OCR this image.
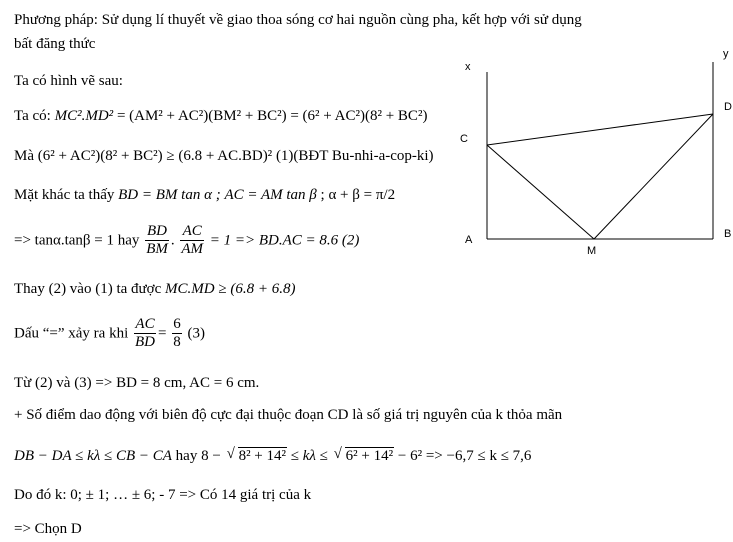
Phương pháp: Sử dụng lí thuyết về giao thoa sóng cơ hai nguồn cùng pha, kết hợp với sử dụng
bất đăng thức
Ta có hình vẽ sau:
Ta có: MC².MD² = (AM² + AC²)(BM² + BC²) = (6² + AC²)(8² + BC²)
Mà (6² + AC²)(8² + BC²) ≥ (6.8 + AC.BD)² (1)(BĐT Bu-nhi-a-cop-ki)
Mặt khác ta thấy BD = BM tan α ; AC = AM tan β ; α + β = π/2
=> tanα.tanβ = 1 hay $\frac{BD}{BM}$ . $\frac{AC}{AM} = 1 => BD.AC = 8.6$ (2)
Thay (2) vào (1) ta được MC.MD ≥ (6.8 + 6.8)
Dấu “=” xảy ra khi $\frac{AC}{BD} = \frac{6}{8} (3)$
Từ (2) và (3) => BD = 8 cm, AC = 6 cm.
+ Số điểm dao động với biên độ cực đại thuộc đoạn CD là số giá trị nguyên của k thỏa mãn
DB − DA ≤ kλ ≤ CB − CA hay 8 − √ 8² + 14² ≤ kλ ≤ √ 6² + 14² − 6² => −6,7 ≤ k ≤ 7,6
Do đó k: 0; ± 1; … ± 6; - 7 => Có 14 giá trị của k
=> Chọn D
x
y
C
D
A	B
M
